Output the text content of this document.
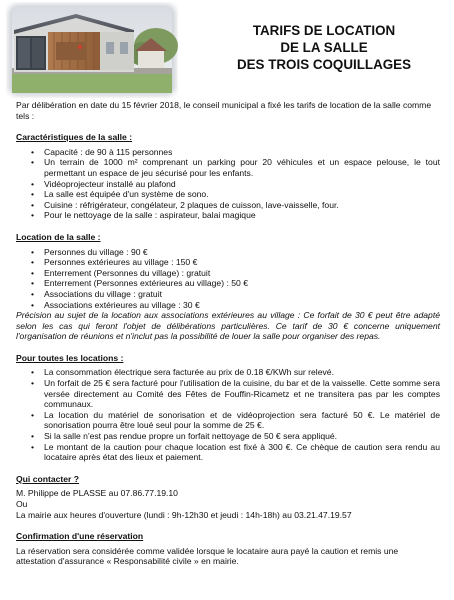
TARIFS DE LOCATION
DE LA SALLE
DES TROIS COQUILLAGES

Par délibération en date du 15 février 2018, le conseil municipal a fixé les tarifs de location de la salle comme tels :

Caractéristiques de la salle :
• Capacité : de 90 à 115 personnes
• Un terrain de 1000 m² comprenant un parking pour 20 véhicules et un espace pelouse, le tout permettant un espace de jeu sécurisé pour les enfants.
• Vidéoprojecteur installé au plafond
• La salle est équipée d'un système de sono.
• Cuisine : réfrigérateur, congélateur, 2 plaques de cuisson, lave-vaisselle, four.
• Pour le nettoyage de la salle : aspirateur, balai magique
Location de la salle :
• Personnes du village : 90 €
• Personnes extérieures au village : 150 €
• Enterrement (Personnes du village) : gratuit
• Enterrement (Personnes extérieures au village) : 50 €
• Associations du village : gratuit
• Associations extérieures au village : 30 €

Précision au sujet de la location aux associations extérieures au village : Ce forfait de 30 € peut être adapté selon les cas qui feront l'objet de délibérations particulières. Ce tarif de 30 € concerne uniquement l'organisation de réunions et n'inclut pas la possibilité de louer la salle pour organiser des repas.

Pour toutes les locations :
• La consommation électrique sera facturée au prix de 0.18 €/KWh sur relevé.
• Un forfait de 25 € sera facturé pour l'utilisation de la cuisine, du bar et de la vaisselle. Cette somme sera versée directement au Comité des Fêtes de Fouffin-Ricametz et ne transitera pas par les comptes communaux.
• La location du matériel de sonorisation et de vidéoprojection sera facturé 50 €. Le matériel de sonorisation pourra être loué seul pour la somme de 25 €.
• Si la salle n'est pas rendue propre un forfait nettoyage de 50 € sera appliqué.
• Le montant de la caution pour chaque location est fixé à 300 €. Ce chèque de caution sera rendu au locataire après état des lieux et paiement.
Qui contacter ?

M. Philippe de PLASSE au 07.86.77.19.10

Ou

La mairie aux heures d'ouverture (lundi : 9h-12h30 et jeudi : 14h-18h) au 03.21.47.19.57

Confirmation d'une réservation

La réservation sera considérée comme validée lorsque le locataire aura payé la caution et remis une attestation d'assurance « Responsabilité civile » en mairie.
